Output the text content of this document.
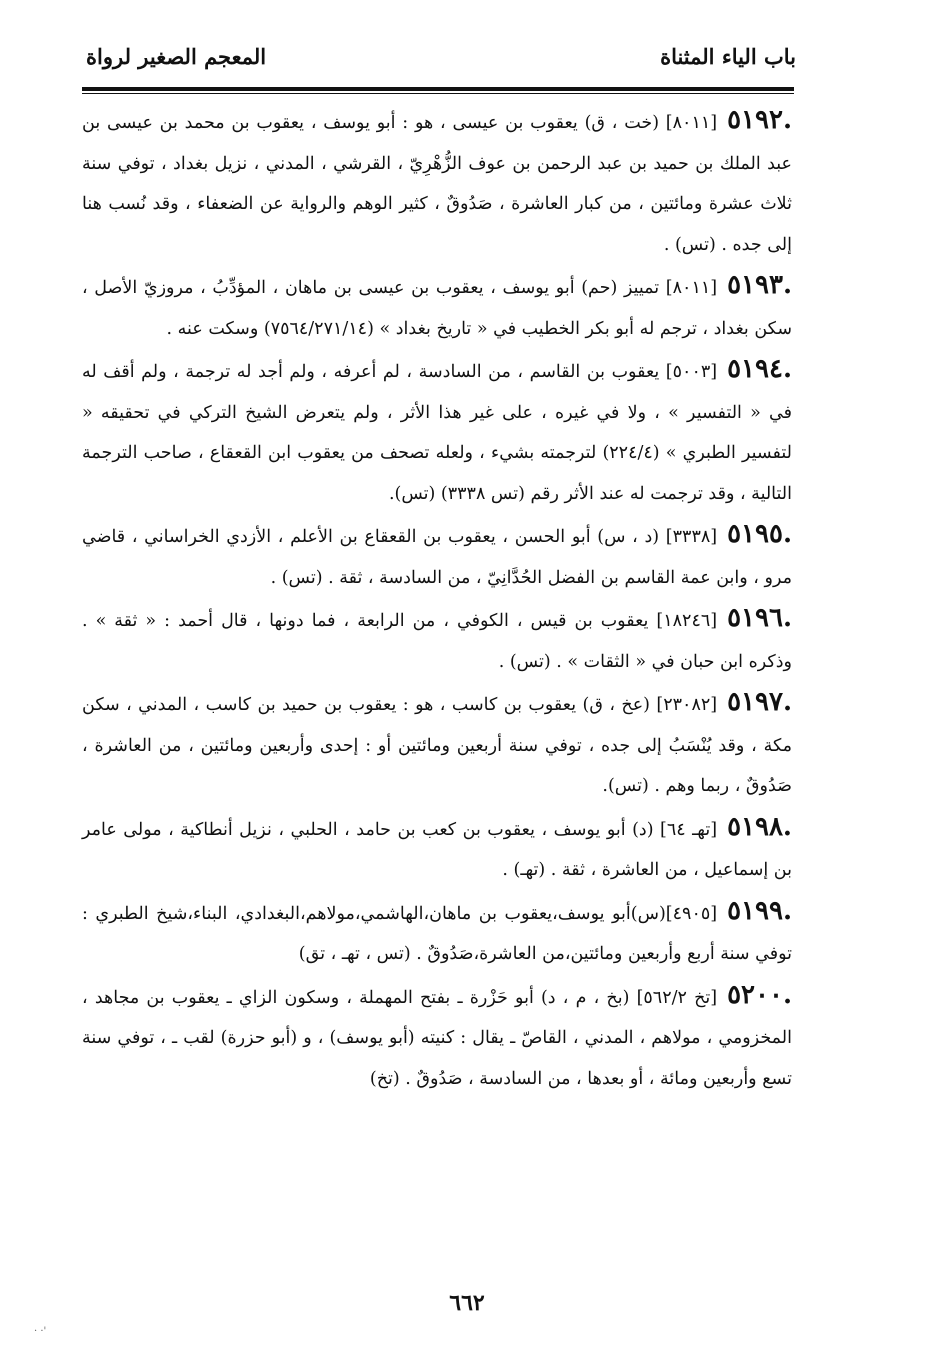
باب الياء المثناة
المعجم الصغير لرواة

٥١٩٢.[٨٠١١] (خت ، ق) يعقوب بن عيسى ، هو : أبو يوسف ، يعقوب بن محمد بن عيسى بن عبد الملك بن حميد بن عبد الرحمن بن عوف الزُّهْرِيّ ، القرشي ، المدني ، نزيل بغداد ، توفي سنة ثلاث عشرة ومائتين ، من كبار العاشرة ، صَدُوقٌ ، كثير الوهم والرواية عن الضعفاء ، وقد نُسب هنا إلى جده . (تس) .

٥١٩٣.[٨٠١١] تمييز (حم) أبو يوسف ، يعقوب بن عيسى بن ماهان ، المؤدِّبُ ، مروزيّ الأصل ، سكن بغداد ، ترجم له أبو بكر الخطيب في « تاريخ بغداد » (٧٥٦٤/٢٧١/١٤) وسكت عنه .

٥١٩٤.[٥٠٠٣] يعقوب بن القاسم ، من السادسة ، لم أعرفه ، ولم أجد له ترجمة ، ولم أقف له في « التفسير » ، ولا في غيره ، على غير هذا الأثر ، ولم يتعرض الشيخ التركي في تحقيقه « لتفسير الطبري » (٢٢٤/٤) لترجمته بشيء ، ولعله تصحف من يعقوب ابن القعقاع ، صاحب الترجمة التالية ، وقد ترجمت له عند الأثر رقم (تس ٣٣٣٨) (تس).

٥١٩٥.[٣٣٣٨] (د ، س) أبو الحسن ، يعقوب بن القعقاع بن الأعلم ، الأزدي الخراساني ، قاضي مرو ، وابن عمة القاسم بن الفضل الحُدَّانِيّ ، من السادسة ، ثقة . (تس) .

٥١٩٦.[١٨٢٤٦] يعقوب بن قيس ، الكوفي ، من الرابعة ، فما دونها ، قال أحمد : « ثقة » . وذكره ابن حبان في « الثقات » . (تس) .

٥١٩٧.[٢٣٠٨٢] (عخ ، ق) يعقوب بن كاسب ، هو : يعقوب بن حميد بن كاسب ، المدني ، سكن مكة ، وقد يُنْسَبُ إلى جده ، توفي سنة أربعين ومائتين أو : إحدى وأربعين ومائتين ، من العاشرة ، صَدُوقٌ ، ربما وهم . (تس).

٥١٩٨.[تهـ ٦٤] (د) أبو يوسف ، يعقوب بن كعب بن حامد ، الحلبي ، نزيل أنطاكية ، مولى عامر بن إسماعيل ، من العاشرة ، ثقة . (تهـ) .

٥١٩٩.[٤٩٠٥](س)أبو يوسف،يعقوب بن ماهان،الهاشمي،مولاهم،البغدادي، البناء،شيخ الطبري : توفي سنة أربع وأربعين ومائتين،من العاشرة،صَدُوقٌ . (تس ، تهـ ، تق)

٥٢٠٠.[تخ ٥٦٢/٢] (بخ ، م ، د) أبو حَزْرة ـ بفتح المهملة ، وسكون الزاي ـ يعقوب بن مجاهد ، المخزومي ، مولاهم ، المدني ، القاصّ ـ يقال : كنيته (أبو يوسف) ، و (أبو حزرة) لقب ـ ، توفي سنة تسع وأربعين ومائة ، أو بعدها ، من السادسة ، صَدُوقٌ . (تخ)

٦٦٢
· ·'
